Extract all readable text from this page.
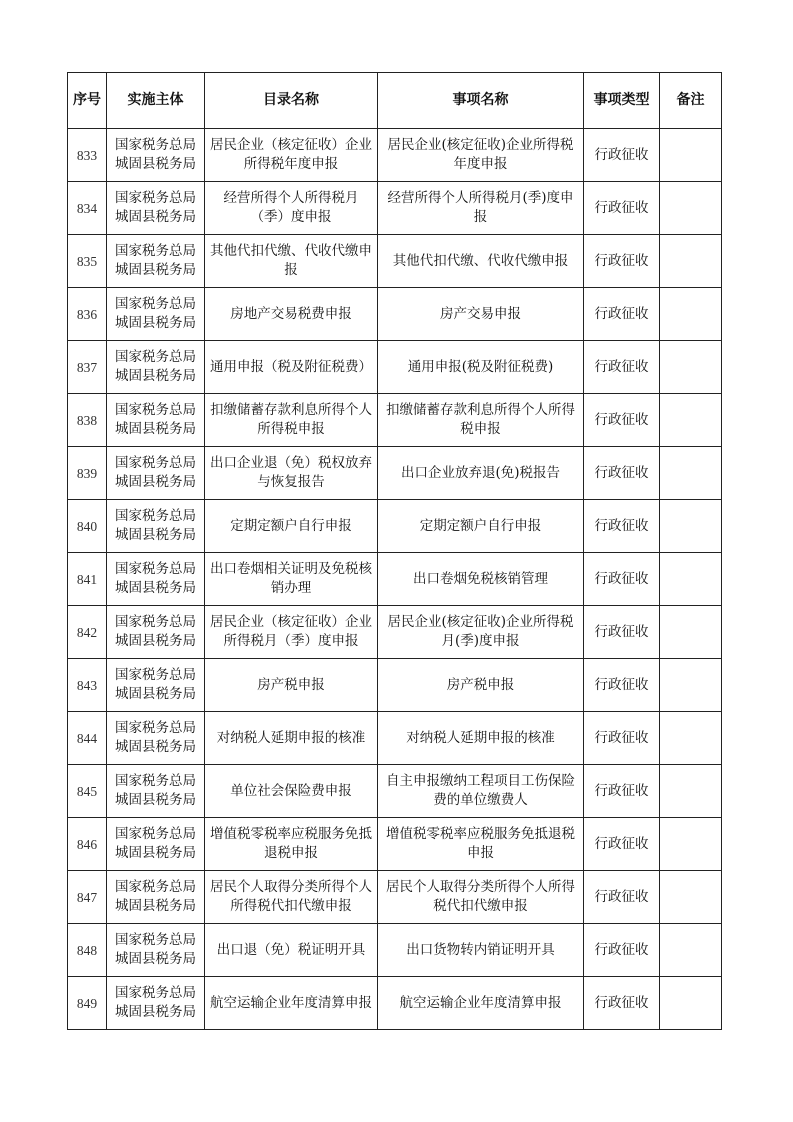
序号	实施主体	目录名称	事项名称	事项类型	备注
833	国家税务总局城固县税务局	居民企业（核定征收）企业所得税年度申报	居民企业(核定征收)企业所得税年度申报	行政征收	
834	国家税务总局城固县税务局	经营所得个人所得税月（季）度申报	经营所得个人所得税月(季)度申报	行政征收	
835	国家税务总局城固县税务局	其他代扣代缴、代收代缴申报	其他代扣代缴、代收代缴申报	行政征收	
836	国家税务总局城固县税务局	房地产交易税费申报	房产交易申报	行政征收	
837	国家税务总局城固县税务局	通用申报（税及附征税费）	通用申报(税及附征税费)	行政征收	
838	国家税务总局城固县税务局	扣缴储蓄存款利息所得个人所得税申报	扣缴储蓄存款利息所得个人所得税申报	行政征收	
839	国家税务总局城固县税务局	出口企业退（免）税权放弃与恢复报告	出口企业放弃退(免)税报告	行政征收	
840	国家税务总局城固县税务局	定期定额户自行申报	定期定额户自行申报	行政征收	
841	国家税务总局城固县税务局	出口卷烟相关证明及免税核销办理	出口卷烟免税核销管理	行政征收	
842	国家税务总局城固县税务局	居民企业（核定征收）企业所得税月（季）度申报	居民企业(核定征收)企业所得税月(季)度申报	行政征收	
843	国家税务总局城固县税务局	房产税申报	房产税申报	行政征收	
844	国家税务总局城固县税务局	对纳税人延期申报的核准	对纳税人延期申报的核准	行政征收	
845	国家税务总局城固县税务局	单位社会保险费申报	自主申报缴纳工程项目工伤保险费的单位缴费人	行政征收	
846	国家税务总局城固县税务局	增值税零税率应税服务免抵退税申报	增值税零税率应税服务免抵退税申报	行政征收	
847	国家税务总局城固县税务局	居民个人取得分类所得个人所得税代扣代缴申报	居民个人取得分类所得个人所得税代扣代缴申报	行政征收	
848	国家税务总局城固县税务局	出口退（免）税证明开具	出口货物转内销证明开具	行政征收	
849	国家税务总局城固县税务局	航空运输企业年度清算申报	航空运输企业年度清算申报	行政征收	
